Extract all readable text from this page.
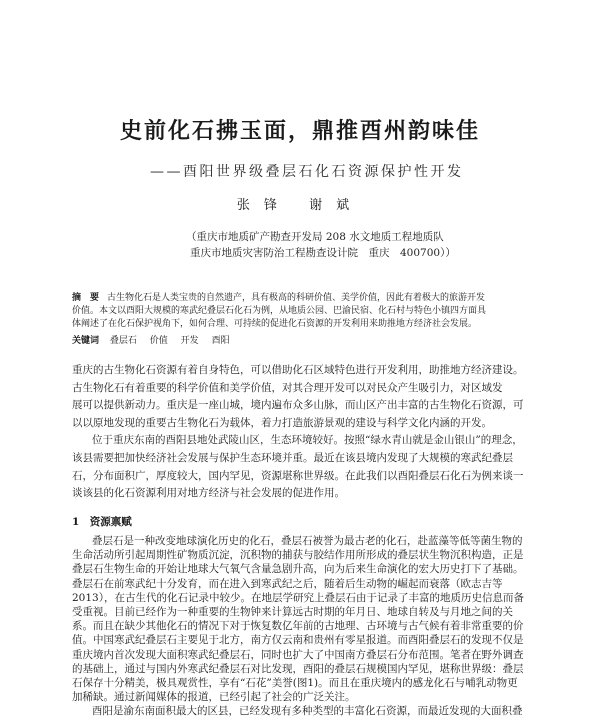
史前化石拂玉面，鼎推酉州韵味佳

——酉阳世界级叠层石化石资源保护性开发

张锋 谢斌

（重庆市地质矿产勘查开发局 208 水文地质工程地质队
重庆市地质灾害防治工程勘查设计院　重庆　400700））
摘　要 古生物化石是人类宝贵的自然遗产，具有极高的科研价值、美学价值，因此有着极大的旅游开发
价值。本文以酉阳大规模的寒武纪叠层石化石为例，从地质公园、巴渝民宿、化石村与特色小镇四方面具
体阐述了在化石保护视角下，如何合理、可持续的促进化石资源的开发利用来助推地方经济社会发展。
关键词 叠层石 价值 开发 酉阳
重庆的古生物化石资源有着自身特色，可以借助化石区域特色进行开发利用，助推地方经济建设。
古生物化石有着重要的科学价值和美学价值，对其合理开发可以对民众产生吸引力，对区域发
展可以提供新动力。重庆是一座山城，境内遍布众多山脉，而山区产出丰富的古生物化石资源，可
以以原地发现的重要古生物化石为载体，着力打造旅游景观的建设与科学文化内涵的开发。
位于重庆东南的酉阳县地处武陵山区，生态环境较好。按照“绿水青山就是金山银山”的理念，
该县需要把加快经济社会发展与保护生态环境并重。最近在该县境内发现了大规模的寒武纪叠层
石，分布面积广，厚度较大，国内罕见，资源堪称世界级。在此我们以酉阳叠层石化石为例来谈一
谈该县的化石资源利用对地方经济与社会发展的促进作用。
1　资源禀赋
叠层石是一种改变地球演化历史的化石，叠层石被誉为最古老的化石，赴蓝藻等低等菌生物的
生命活动所引起周期性矿物质沉淀，沉积物的捕获与胶结作用所形成的叠层状生物沉积构造，正是
叠层石生物生命的开始让地球大气氧气含量急剧升高，向为后来生命演化的宏大历史打下了基础。
叠层石在前寒武纪十分发育，而在进入到寒武纪之后，随着后生动物的崛起而衰落（欧志吉等
2013），在古生代的化石记录中较少。在地层学研究上叠层石由于记录了丰富的地质历史信息而备
受重视。目前已经作为一种重要的生物钟来计算远古时期的年月日、地球自转及与月地之间的关
系。而且在缺少其他化石的情况下对于恢复数亿年前的古地理、古环境与古气候有着非常重要的价
值。中国寒武纪叠层石主要见于北方，南方仅云南和贵州有零星报道。而酉阳叠层石的发现不仅是
重庆境内首次发现大面积寒武纪叠层石，同时也扩大了中国南方叠层石分布范围。笔者在野外调查
的基础上，通过与国内外寒武纪叠层石对比发现，酉阳的叠层石规模国内罕见，堪称世界级：叠层
石保存十分精美，极具观赏性，享有“石花”美誉(图1)。而且在重庆境内的感龙化石与哺乳动物更
加稀缺。通过新闻媒体的报道，已经引起了社会的广泛关注。
酉阳是渝东南面积最大的区县，已经发现有多种类型的丰富化石资源，而最近发现的大面积叠
